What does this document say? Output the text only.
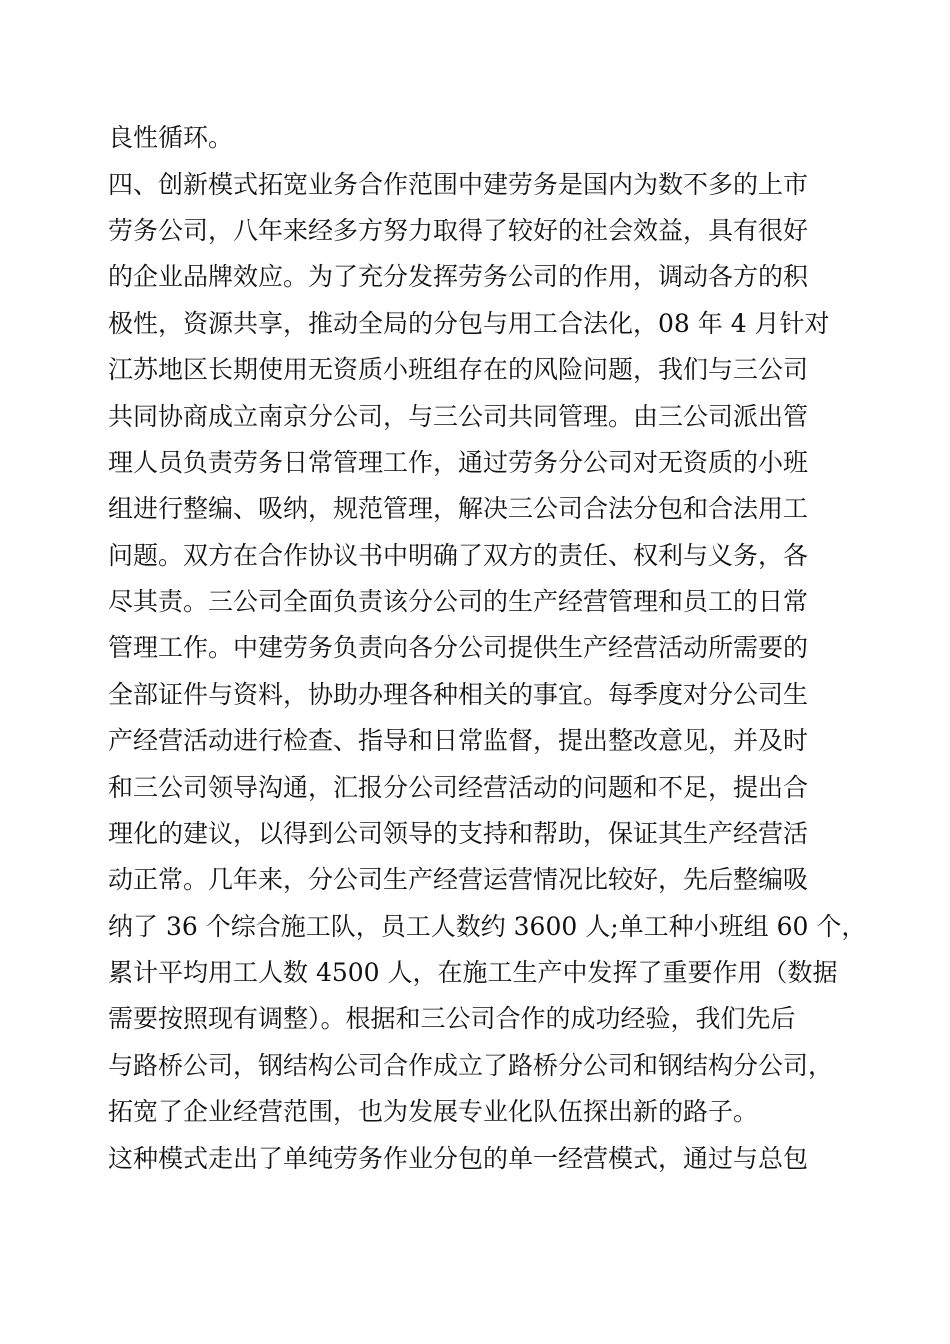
良性循环。
四、创新模式拓宽业务合作范围中建劳务是国内为数不多的上市
劳务公司，八年来经多方努力取得了较好的社会效益，具有很好
的企业品牌效应。为了充分发挥劳务公司的作用，调动各方的积
极性，资源共享，推动全局的分包与用工合法化，08 年 4 月针对
江苏地区长期使用无资质小班组存在的风险问题，我们与三公司
共同协商成立南京分公司，与三公司共同管理。由三公司派出管
理人员负责劳务日常管理工作，通过劳务分公司对无资质的小班
组进行整编、吸纳，规范管理，解决三公司合法分包和合法用工
问题。双方在合作协议书中明确了双方的责任、权利与义务，各
尽其责。三公司全面负责该分公司的生产经营管理和员工的日常
管理工作。中建劳务负责向各分公司提供生产经营活动所需要的
全部证件与资料，协助办理各种相关的事宜。每季度对分公司生
产经营活动进行检查、指导和日常监督，提出整改意见，并及时
和三公司领导沟通，汇报分公司经营活动的问题和不足，提出合
理化的建议，以得到公司领导的支持和帮助，保证其生产经营活
动正常。几年来，分公司生产经营运营情况比较好，先后整编吸
纳了 36 个综合施工队，员工人数约 3600 人;单工种小班组 60 个，
累计平均用工人数 4500 人，在施工生产中发挥了重要作用（数据
需要按照现有调整）。根据和三公司合作的成功经验，我们先后
与路桥公司，钢结构公司合作成立了路桥分公司和钢结构分公司，
拓宽了企业经营范围，也为发展专业化队伍探出新的路子。
这种模式走出了单纯劳务作业分包的单一经营模式，通过与总包
